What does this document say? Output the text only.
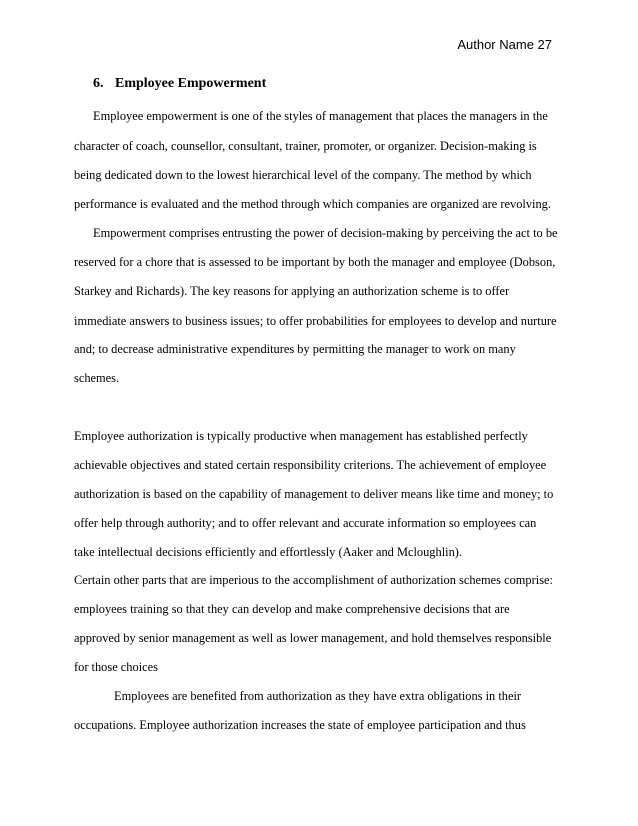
Author Name 27
6. Employee Empowerment
Employee empowerment is one of the styles of management that places the managers in the
character of coach, counsellor, consultant, trainer, promoter, or organizer. Decision-making is
being dedicated down to the lowest hierarchical level of the company. The method by which
performance is evaluated and the method through which companies are organized are revolving.
Empowerment comprises entrusting the power of decision-making by perceiving the act to be
reserved for a chore that is assessed to be important by both the manager and employee (Dobson,
Starkey and Richards). The key reasons for applying an authorization scheme is to offer
immediate answers to business issues; to offer probabilities for employees to develop and nurture
and; to decrease administrative expenditures by permitting the manager to work on many
schemes.
Employee authorization is typically productive when management has established perfectly
achievable objectives and stated certain responsibility criterions. The achievement of employee
authorization is based on the capability of management to deliver means like time and money; to
offer help through authority; and to offer relevant and accurate information so employees can
take intellectual decisions efficiently and effortlessly (Aaker and Mcloughlin).
Certain other parts that are imperious to the accomplishment of authorization schemes comprise:
employees training so that they can develop and make comprehensive decisions that are
approved by senior management as well as lower management, and hold themselves responsible
for those choices
Employees are benefited from authorization as they have extra obligations in their
occupations. Employee authorization increases the state of employee participation and thus
